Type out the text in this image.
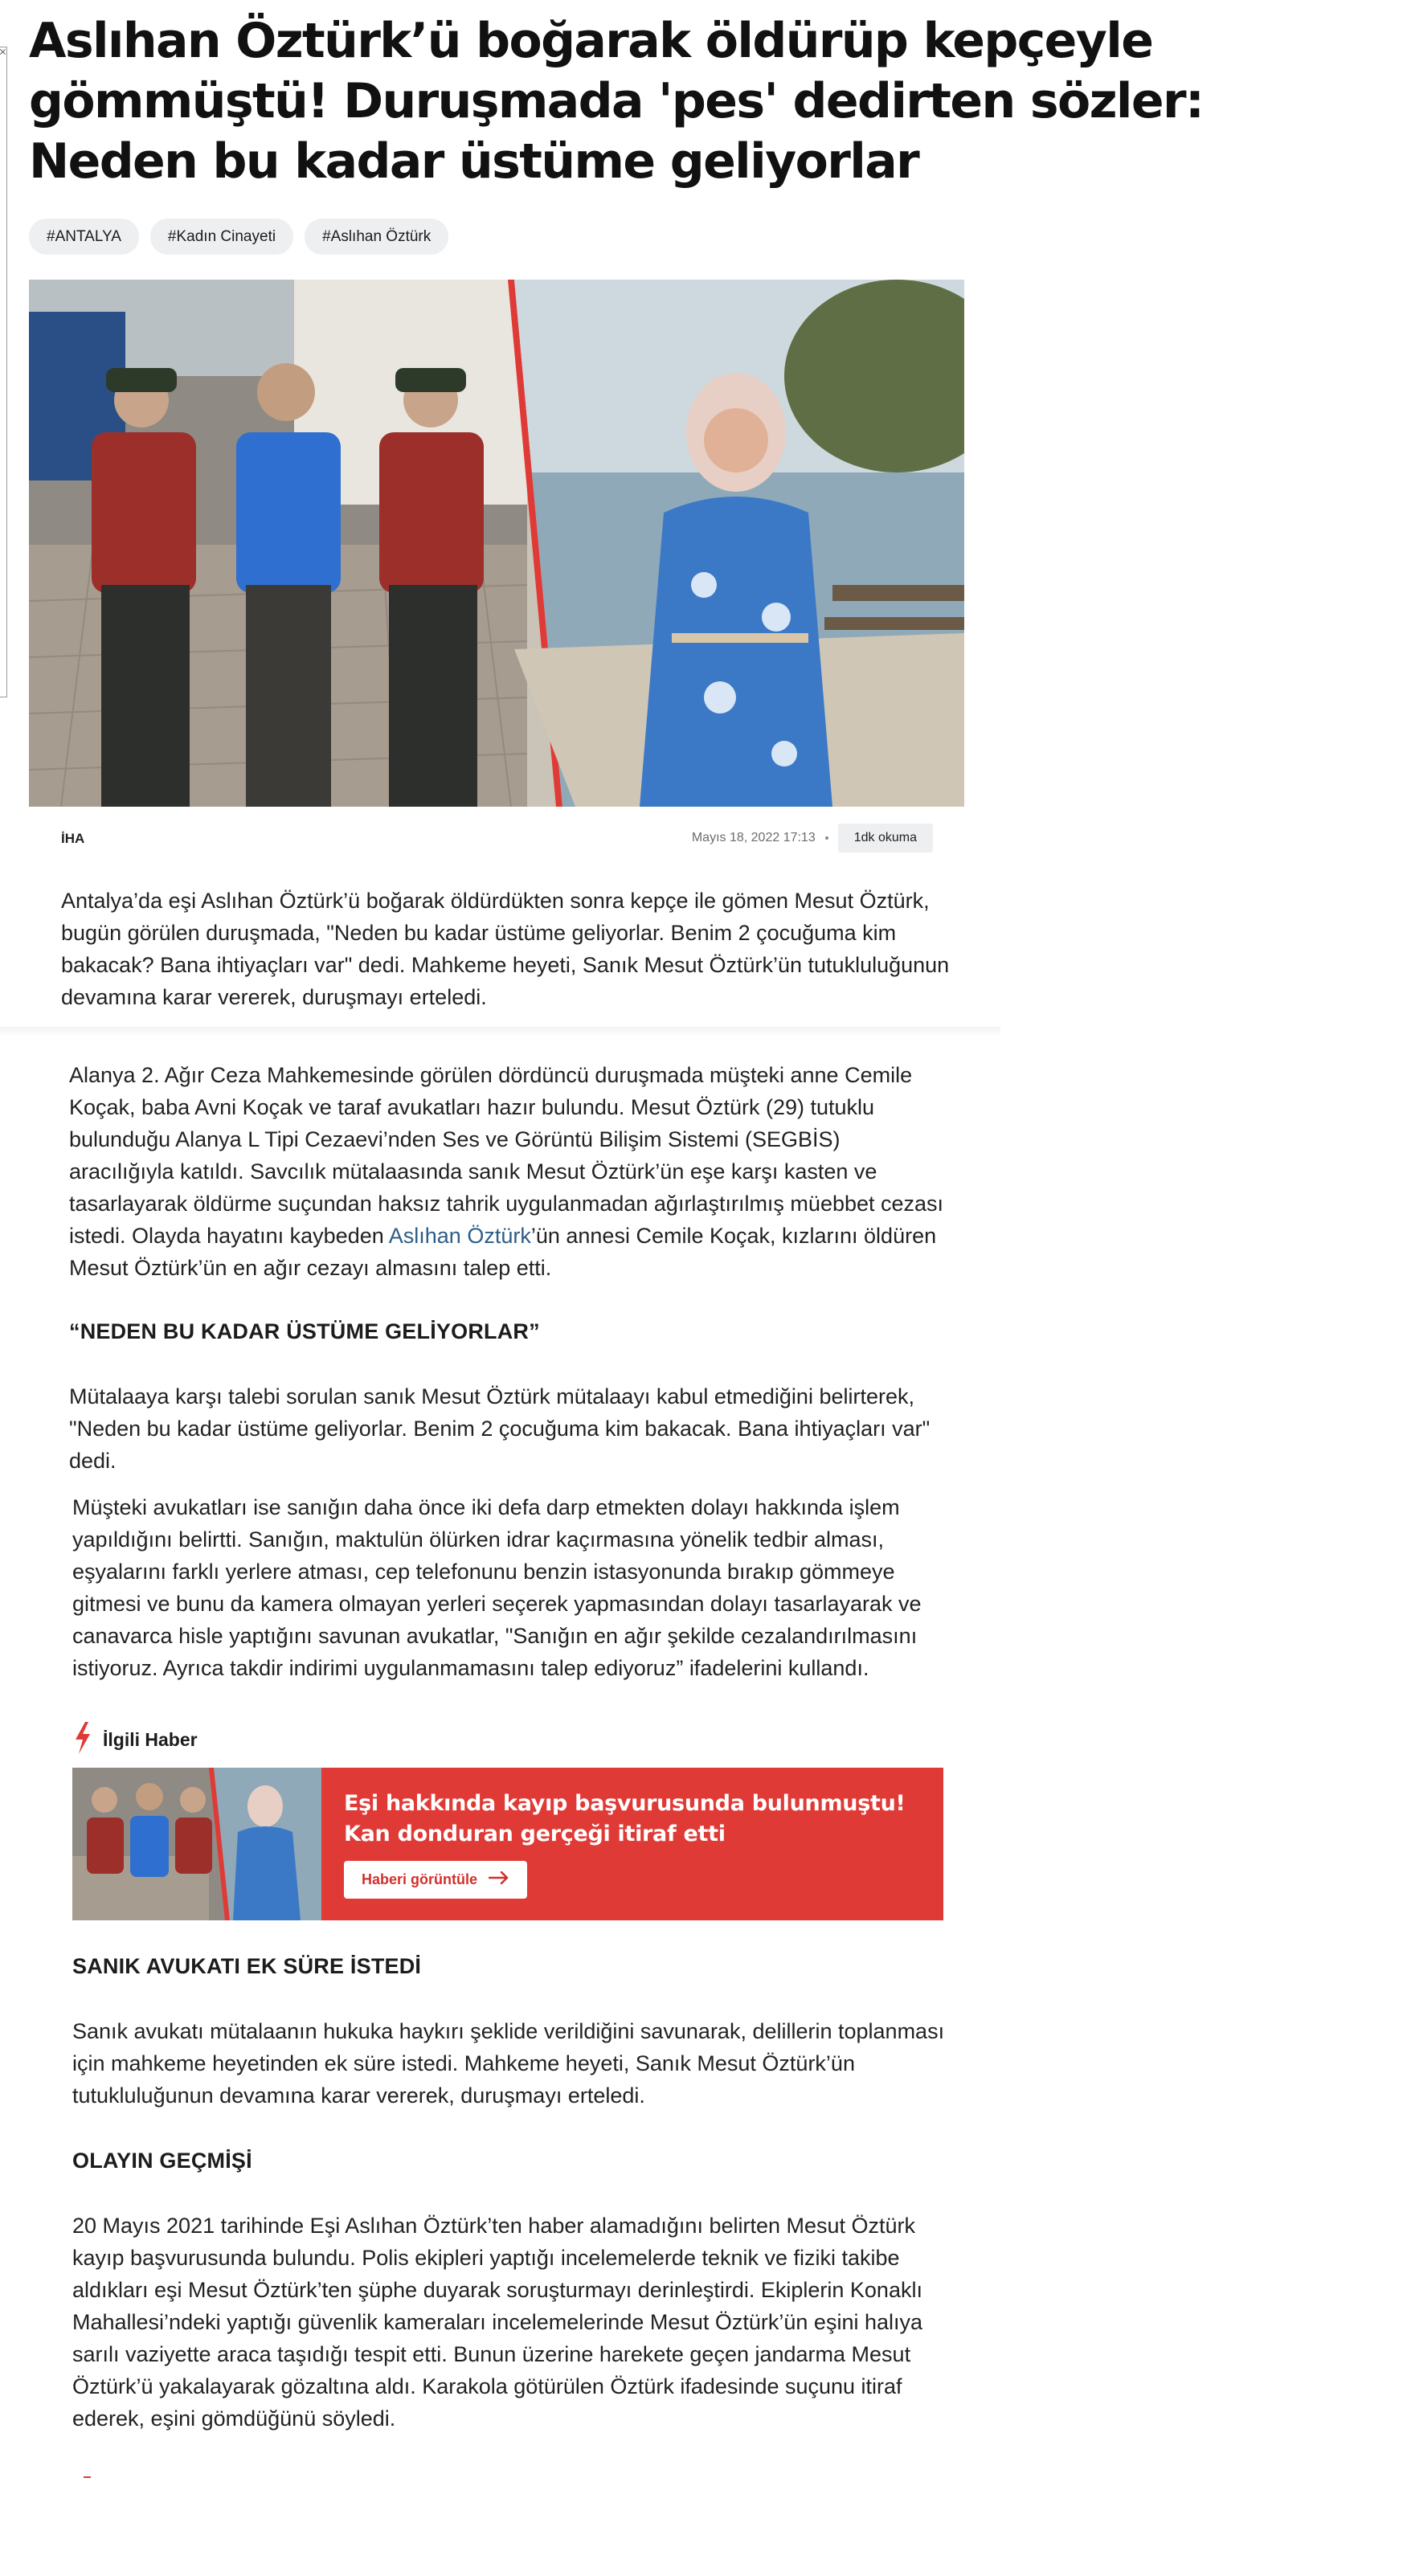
Aslıhan Öztürk’ü boğarak öldürüp kepçeyle gömmüştü! Duruşmada 'pes' dedirten sözler: Neden bu kadar üstüme geliyorlar
#ANTALYA	#Kadın Cinayeti	#Aslıhan Öztürk
İHA	Mayıs 18, 2022 17:13	1dk okuma

Antalya’da eşi Aslıhan Öztürk’ü boğarak öldürdükten sonra kepçe ile gömen Mesut Öztürk, bugün görülen duruşmada, "Neden bu kadar üstüme geliyorlar. Benim 2 çocuğuma kim bakacak? Bana ihtiyaçları var" dedi. Mahkeme heyeti, Sanık Mesut Öztürk’ün tutukluluğunun devamına karar vererek, duruşmayı erteledi.

Alanya 2. Ağır Ceza Mahkemesinde görülen dördüncü duruşmada müşteki anne Cemile Koçak, baba Avni Koçak ve taraf avukatları hazır bulundu. Mesut Öztürk (29) tutuklu bulunduğu Alanya L Tipi Cezaevi’nden Ses ve Görüntü Bilişim Sistemi (SEGBİS) aracılığıyla katıldı. Savcılık mütalaasında sanık Mesut Öztürk’ün eşe karşı kasten ve tasarlayarak öldürme suçundan haksız tahrik uygulanmadan ağırlaştırılmış müebbet cezası istedi. Olayda hayatını kaybeden Aslıhan Öztürk’ün annesi Cemile Koçak, kızlarını öldüren Mesut Öztürk’ün en ağır cezayı almasını talep etti.

“NEDEN BU KADAR ÜSTÜME GELİYORLAR”

Mütalaaya karşı talebi sorulan sanık Mesut Öztürk mütalaayı kabul etmediğini belirterek, "Neden bu kadar üstüme geliyorlar. Benim 2 çocuğuma kim bakacak. Bana ihtiyaçları var" dedi.

Müşteki avukatları ise sanığın daha önce iki defa darp etmekten dolayı hakkında işlem yapıldığını belirtti. Sanığın, maktulün ölürken idrar kaçırmasına yönelik tedbir alması, eşyalarını farklı yerlere atması, cep telefonunu benzin istasyonunda bırakıp gömmeye gitmesi ve bunu da kamera olmayan yerleri seçerek yapmasından dolayı tasarlayarak ve canavarca hisle yaptığını savunan avukatlar, "Sanığın en ağır şekilde cezalandırılmasını istiyoruz. Ayrıca takdir indirimi uygulanmamasını talep ediyoruz” ifadelerini kullandı.

İlgili Haber

Eşi hakkında kayıp başvurusunda bulunmuştu! Kan donduran gerçeği itiraf etti

Haberi görüntüle
SANIK AVUKATI EK SÜRE İSTEDİ

Sanık avukatı mütalaanın hukuka haykırı şeklide verildiğini savunarak, delillerin toplanması için mahkeme heyetinden ek süre istedi. Mahkeme heyeti, Sanık Mesut Öztürk’ün tutukluluğunun devamına karar vererek, duruşmayı erteledi.

OLAYIN GEÇMİŞİ

20 Mayıs 2021 tarihinde Eşi Aslıhan Öztürk’ten haber alamadığını belirten Mesut Öztürk kayıp başvurusunda bulundu. Polis ekipleri yaptığı incelemelerde teknik ve fiziki takibe aldıkları eşi Mesut Öztürk’ten şüphe duyarak soruşturmayı derinleştirdi. Ekiplerin Konaklı Mahallesi’ndeki yaptığı güvenlik kameraları incelemelerinde Mesut Öztürk’ün eşini halıya sarılı vaziyette araca taşıdığı tespit etti. Bunun üzerine harekete geçen jandarma Mesut Öztürk’ü yakalayarak gözaltına aldı. Karakola götürülen Öztürk ifadesinde suçunu itiraf ederek, eşini gömdüğünü söyledi.
